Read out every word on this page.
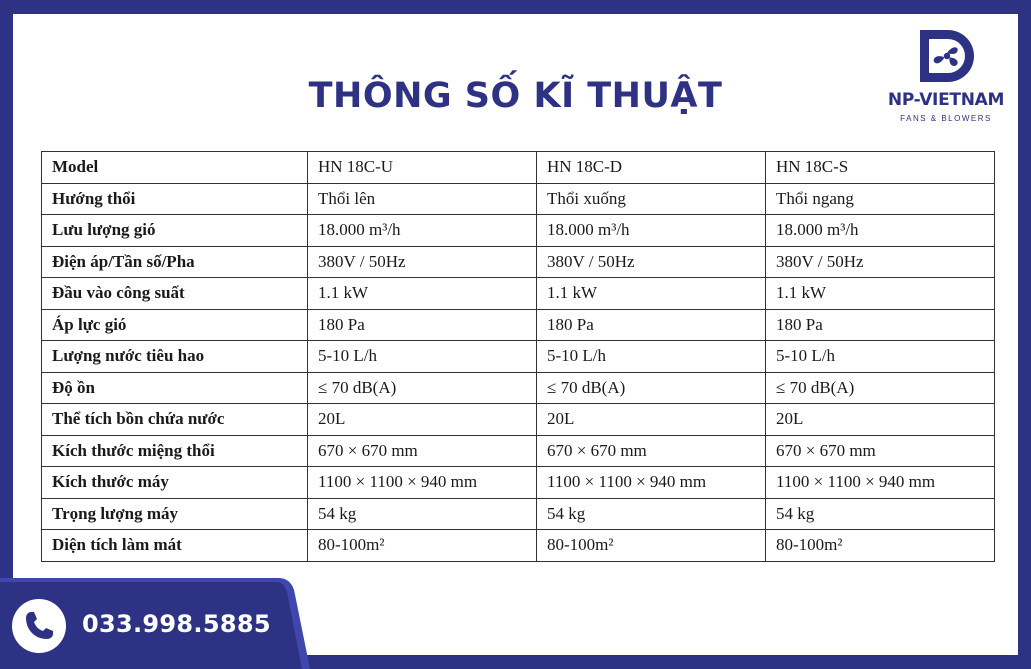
THÔNG SỐ KĨ THUẬT	NP-VIETNAM
FANS & BLOWERS
Model	HN 18C-U	HN 18C-D	HN 18C-S
Hướng thổi	Thổi lên	Thổi xuống	Thổi ngang
Lưu lượng gió	18.000 m³/h	18.000 m³/h	18.000 m³/h
Điện áp/Tần số/Pha	380V / 50Hz	380V / 50Hz	380V / 50Hz
Đầu vào công suất	1.1 kW	1.1 kW	1.1 kW
Áp lực gió	180 Pa	180 Pa	180 Pa
Lượng nước tiêu hao	5-10 L/h	5-10 L/h	5-10 L/h
Độ ồn	≤ 70 dB(A)	≤ 70 dB(A)	≤ 70 dB(A)
Thể tích bồn chứa nước	20L	20L	20L
Kích thước miệng thổi	670 × 670 mm	670 × 670 mm	670 × 670 mm
Kích thước máy	1100 × 1100 × 940 mm	1100 × 1100 × 940 mm	1100 × 1100 × 940 mm
Trọng lượng máy	54 kg	54 kg	54 kg
Diện tích làm mát	80-100m²	80-100m²	80-100m²
033.998.5885
